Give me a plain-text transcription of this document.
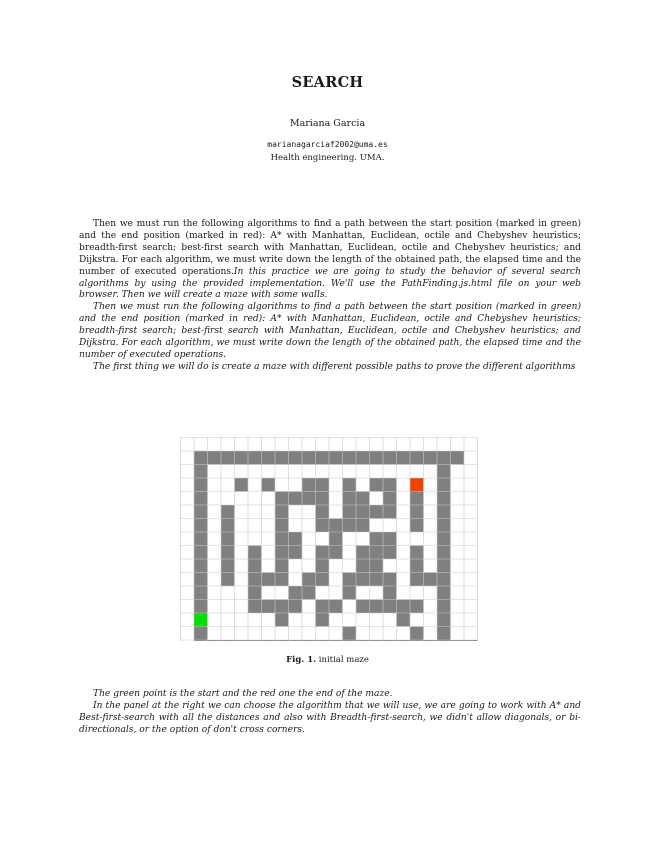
SEARCH
Mariana Garcia
marianagarciaf2002@uma.es
Health engineering. UMA.

Then we must run the following algorithms to find a path between the start position (marked in green) and the end position (marked in red): A* with Manhattan, Euclidean, octile and Chebyshev heuristics; breadth-first search; best-first search with Manhattan, Euclidean, octile and Chebyshev heuristics; and Dijkstra. For each algorithm, we must write down the length of the obtained path, the elapsed time and the number of executed operations.In this practice we are going to study the behavior of several search algorithms by using the provided implementation. We'll use the PathFinding.js.html file on your web browser. Then we will create a maze with some walls.

Then we must run the following algorithms to find a path between the start position (marked in green) and the end position (marked in red): A* with Manhattan, Euclidean, octile and Chebyshev heuristics; breadth-first search; best-first search with Manhattan, Euclidean, octile and Chebyshev heuristics; and Dijkstra. For each algorithm, we must write down the length of the obtained path, the elapsed time and the number of executed operations.

The first thing we will do is create a maze with different possible paths to prove the different algorithms

Fig. 1. initial maze

The green point is the start and the red one the end of the maze.

In the panel at the right we can choose the algorithm that we will use, we are going to work with A* and Best-first-search with all the distances and also with Breadth-first-search, we didn't allow diagonals, or bi-directionals, or the option of don't cross corners.
